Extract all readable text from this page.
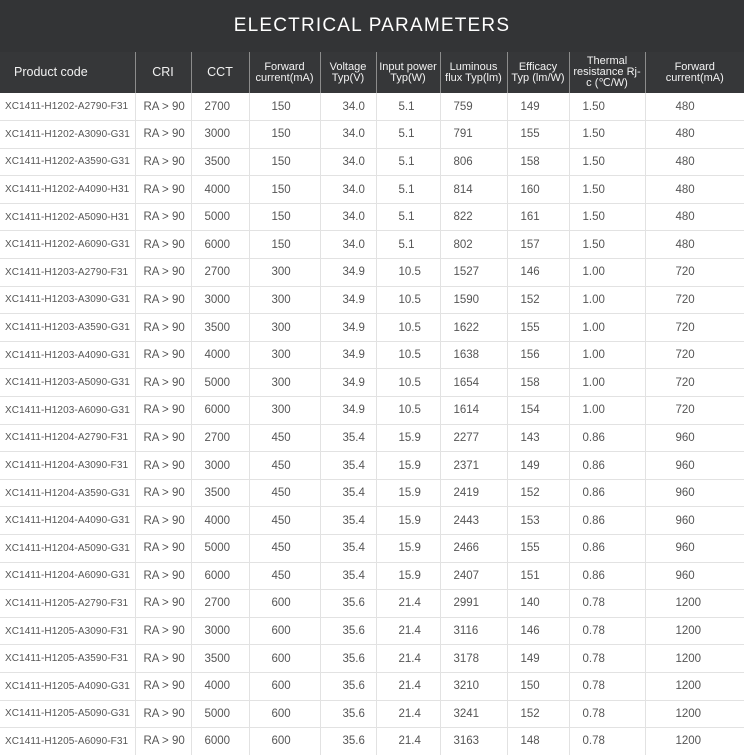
ELECTRICAL PARAMETERS
Product code	CRI	CCT	Forward current(mA)	Voltage Typ(V)	Input power Typ(W)	Luminous flux Typ(lm)	Efficacy Typ (lm/W)	Thermal resistance Rj-c (℃/W)	Forward current(mA)
XC1411-H1202-A2790-F31	RA > 90	2700	150	34.0	5.1	759	149	1.50	480
XC1411-H1202-A3090-G31	RA > 90	3000	150	34.0	5.1	791	155	1.50	480
XC1411-H1202-A3590-G31	RA > 90	3500	150	34.0	5.1	806	158	1.50	480
XC1411-H1202-A4090-H31	RA > 90	4000	150	34.0	5.1	814	160	1.50	480
XC1411-H1202-A5090-H31	RA > 90	5000	150	34.0	5.1	822	161	1.50	480
XC1411-H1202-A6090-G31	RA > 90	6000	150	34.0	5.1	802	157	1.50	480
XC1411-H1203-A2790-F31	RA > 90	2700	300	34.9	10.5	1527	146	1.00	720
XC1411-H1203-A3090-G31	RA > 90	3000	300	34.9	10.5	1590	152	1.00	720
XC1411-H1203-A3590-G31	RA > 90	3500	300	34.9	10.5	1622	155	1.00	720
XC1411-H1203-A4090-G31	RA > 90	4000	300	34.9	10.5	1638	156	1.00	720
XC1411-H1203-A5090-G31	RA > 90	5000	300	34.9	10.5	1654	158	1.00	720
XC1411-H1203-A6090-G31	RA > 90	6000	300	34.9	10.5	1614	154	1.00	720
XC1411-H1204-A2790-F31	RA > 90	2700	450	35.4	15.9	2277	143	0.86	960
XC1411-H1204-A3090-F31	RA > 90	3000	450	35.4	15.9	2371	149	0.86	960
XC1411-H1204-A3590-G31	RA > 90	3500	450	35.4	15.9	2419	152	0.86	960
XC1411-H1204-A4090-G31	RA > 90	4000	450	35.4	15.9	2443	153	0.86	960
XC1411-H1204-A5090-G31	RA > 90	5000	450	35.4	15.9	2466	155	0.86	960
XC1411-H1204-A6090-G31	RA > 90	6000	450	35.4	15.9	2407	151	0.86	960
XC1411-H1205-A2790-F31	RA > 90	2700	600	35.6	21.4	2991	140	0.78	1200
XC1411-H1205-A3090-F31	RA > 90	3000	600	35.6	21.4	3116	146	0.78	1200
XC1411-H1205-A3590-F31	RA > 90	3500	600	35.6	21.4	3178	149	0.78	1200
XC1411-H1205-A4090-G31	RA > 90	4000	600	35.6	21.4	3210	150	0.78	1200
XC1411-H1205-A5090-G31	RA > 90	5000	600	35.6	21.4	3241	152	0.78	1200
XC1411-H1205-A6090-F31	RA > 90	6000	600	35.6	21.4	3163	148	0.78	1200
